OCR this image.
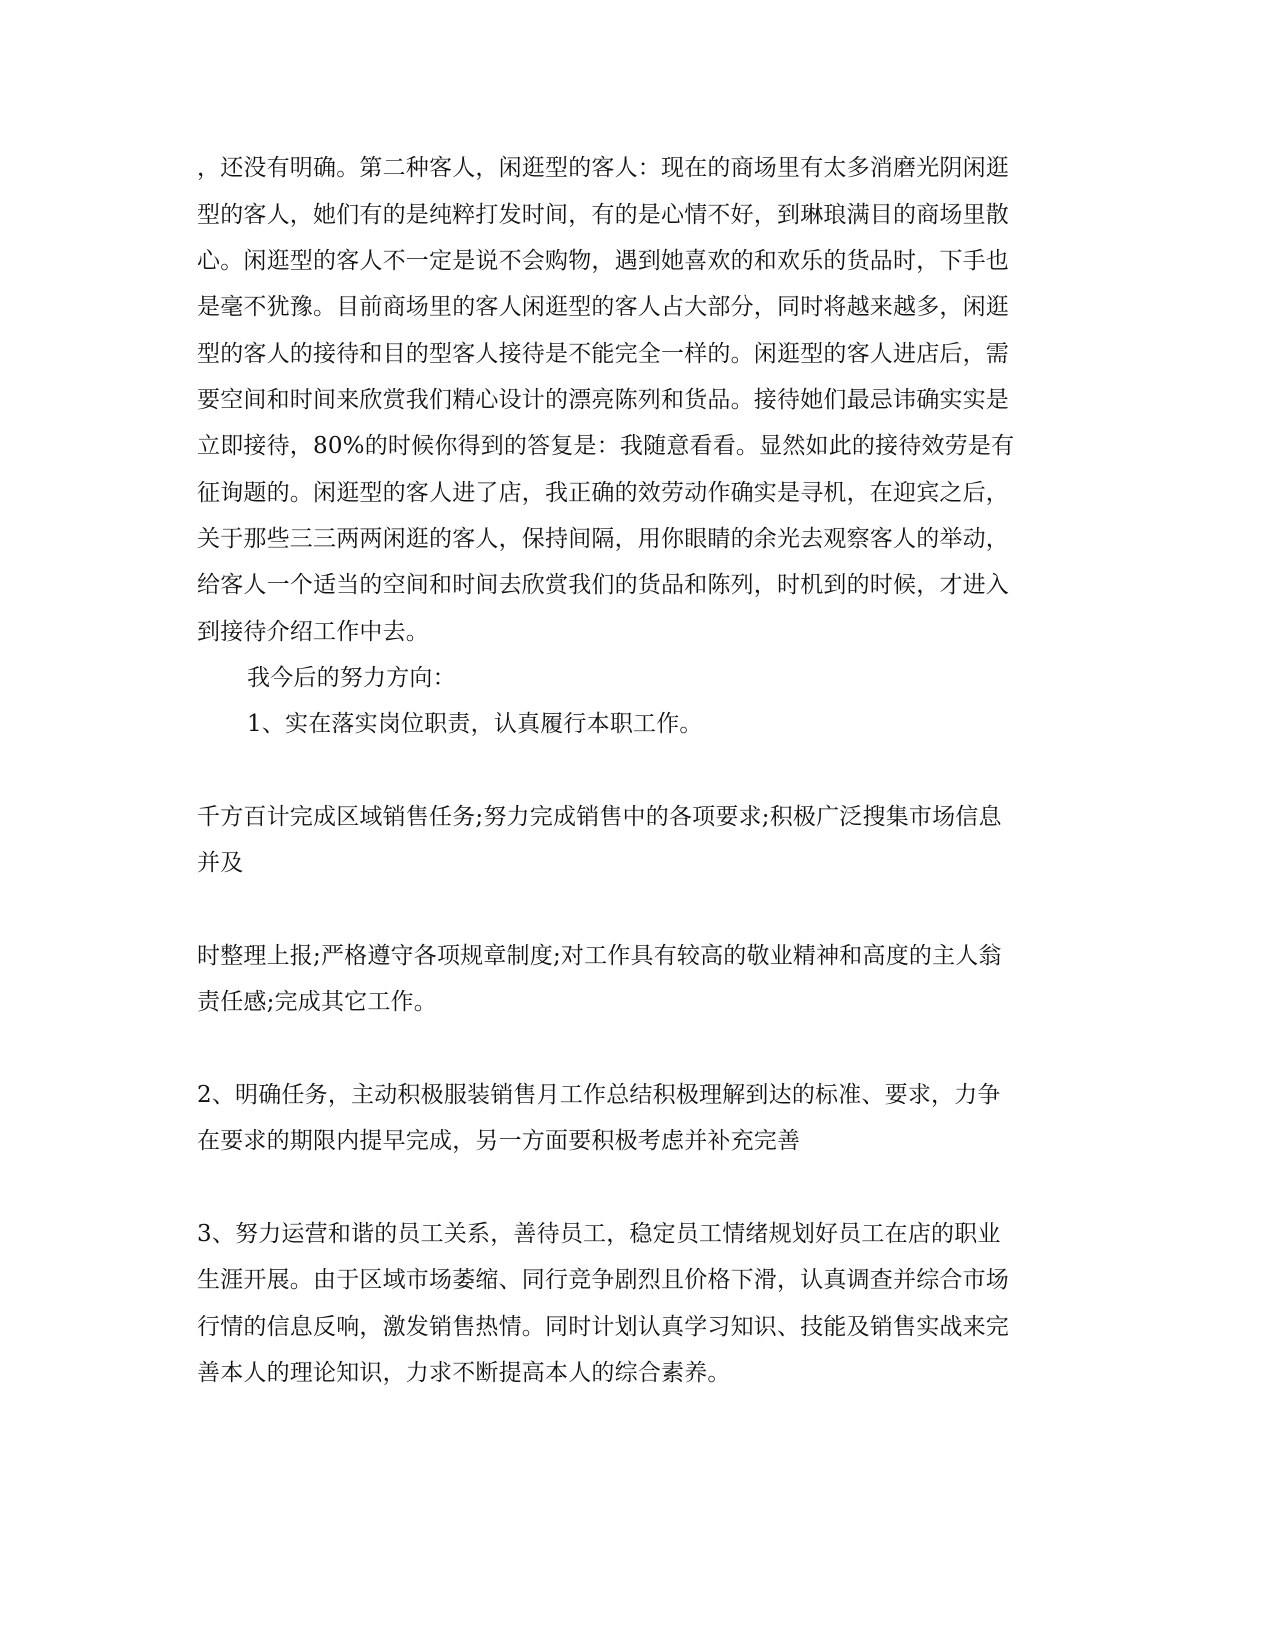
，还没有明确。第二种客人，闲逛型的客人：现在的商场里有太多消磨光阴闲逛
型的客人，她们有的是纯粹打发时间，有的是心情不好，到琳琅满目的商场里散
心。闲逛型的客人不一定是说不会购物，遇到她喜欢的和欢乐的货品时，下手也
是毫不犹豫。目前商场里的客人闲逛型的客人占大部分，同时将越来越多，闲逛
型的客人的接待和目的型客人接待是不能完全一样的。闲逛型的客人进店后，需
要空间和时间来欣赏我们精心设计的漂亮陈列和货品。接待她们最忌讳确实实是
立即接待，80%的时候你得到的答复是：我随意看看。显然如此的接待效劳是有
征询题的。闲逛型的客人进了店，我正确的效劳动作确实是寻机，在迎宾之后，
关于那些三三两两闲逛的客人，保持间隔，用你眼睛的余光去观察客人的举动，
给客人一个适当的空间和时间去欣赏我们的货品和陈列，时机到的时候，才进入
到接待介绍工作中去。
我今后的努力方向：
1、实在落实岗位职责，认真履行本职工作。
千方百计完成区域销售任务;努力完成销售中的各项要求;积极广泛搜集市场信息
并及
时整理上报;严格遵守各项规章制度;对工作具有较高的敬业精神和高度的主人翁
责任感;完成其它工作。
2、明确任务，主动积极服装销售月工作总结积极理解到达的标准、要求，力争
在要求的期限内提早完成，另一方面要积极考虑并补充完善
3、努力运营和谐的员工关系，善待员工，稳定员工情绪规划好员工在店的职业
生涯开展。由于区域市场萎缩、同行竞争剧烈且价格下滑，认真调查并综合市场
行情的信息反响，激发销售热情。同时计划认真学习知识、技能及销售实战来完
善本人的理论知识，力求不断提高本人的综合素养。
